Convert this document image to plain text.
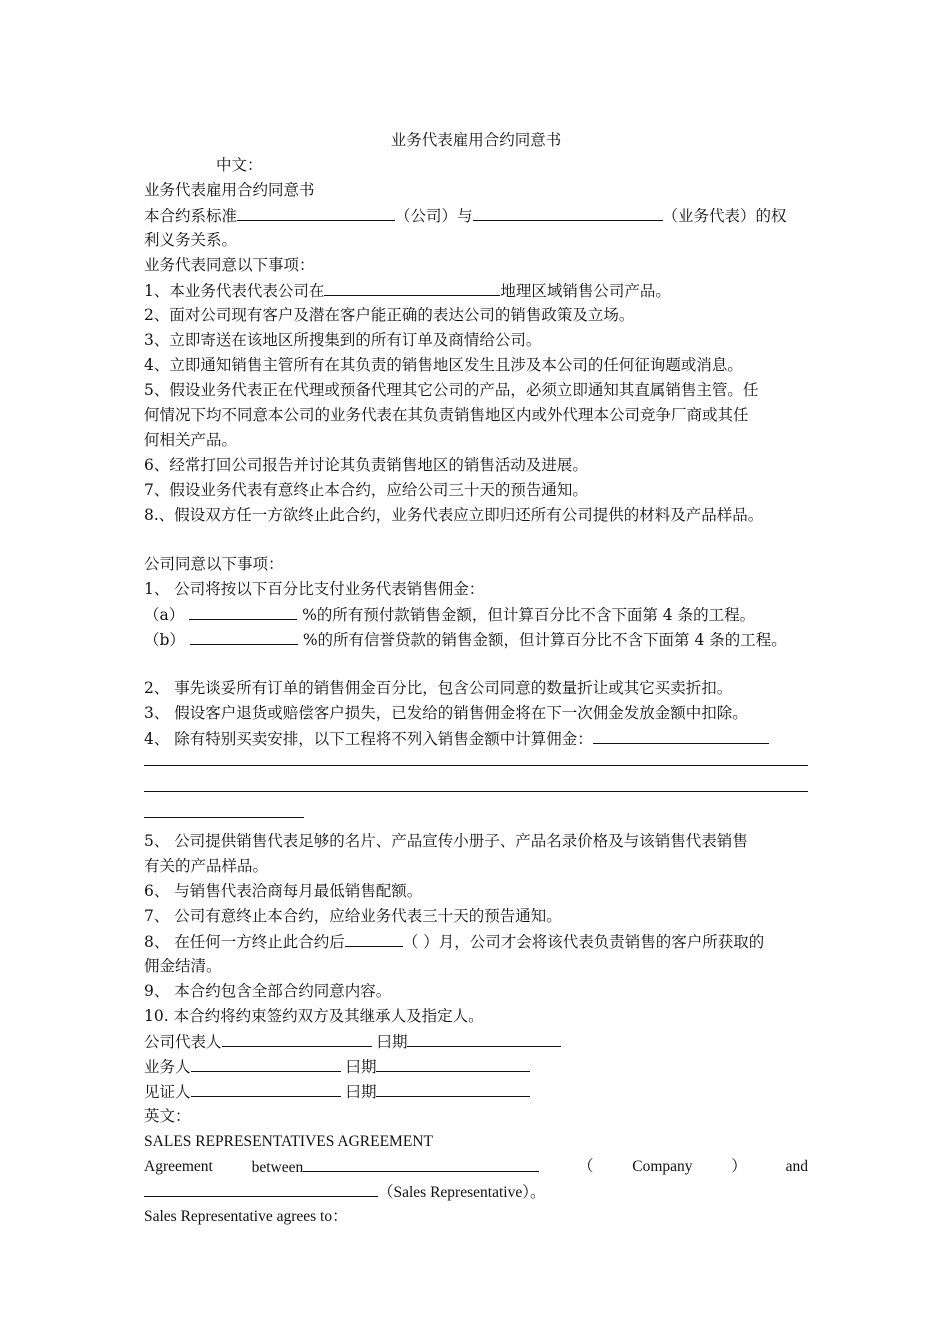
业务代表雇用合约同意书
中文：
业务代表雇用合约同意书
本合约系标准	（公司）与	（业务代表）的权
利义务关系。
业务代表同意以下事项：
1、本业务代表代表公司在	地理区域销售公司产品。
2、面对公司现有客户及潜在客户能正确的表达公司的销售政策及立场。
3、立即寄送在该地区所搜集到的所有订单及商情给公司。
4、立即通知销售主管所有在其负责的销售地区发生且涉及本公司的任何征询题或消息。
5、假设业务代表正在代理或预备代理其它公司的产品，必须立即通知其直属销售主管。任
何情况下均不同意本公司的业务代表在其负责销售地区内或外代理本公司竞争厂商或其任
何相关产品。
6、经常打回公司报告并讨论其负责销售地区的销售活动及进展。
7、假设业务代表有意终止本合约，应给公司三十天的预告通知。
8.、假设双方任一方欲终止此合约，业务代表应立即归还所有公司提供的材料及产品样品。
公司同意以下事项：
1、 公司将按以下百分比支付业务代表销售佣金：
（a）	%的所有预付款销售金额，但计算百分比不含下面第 4 条的工程。
（b）	%的所有信誉贷款的销售金额，但计算百分比不含下面第 4 条的工程。
2、 事先谈妥所有订单的销售佣金百分比，包含公司同意的数量折让或其它买卖折扣。
3、 假设客户退货或赔偿客户损失，已发给的销售佣金将在下一次佣金发放金额中扣除。
4、 除有特别买卖安排，以下工程将不列入销售金额中计算佣金：
5、 公司提供销售代表足够的名片、产品宣传小册子、产品名录价格及与该销售代表销售
有关的产品样品。
6、 与销售代表洽商每月最低销售配额。
7、 公司有意终止本合约，应给业务代表三十天的预告通知。
8、 在任何一方终止此合约后	（ ）月，公司才会将该代表负责销售的客户所获取的
佣金结清。
9、 本合约包含全部合约同意内容。
10. 本合约将约束签约双方及其继承人及指定人。
公司代表人	曰期
业务人	曰期
见证人	曰期
英文：
SALES REPRESENTATIVES AGREEMENT
Agreement	between	（	Company	）	and
（Sales Representative）。
Sales Representative agrees to：
